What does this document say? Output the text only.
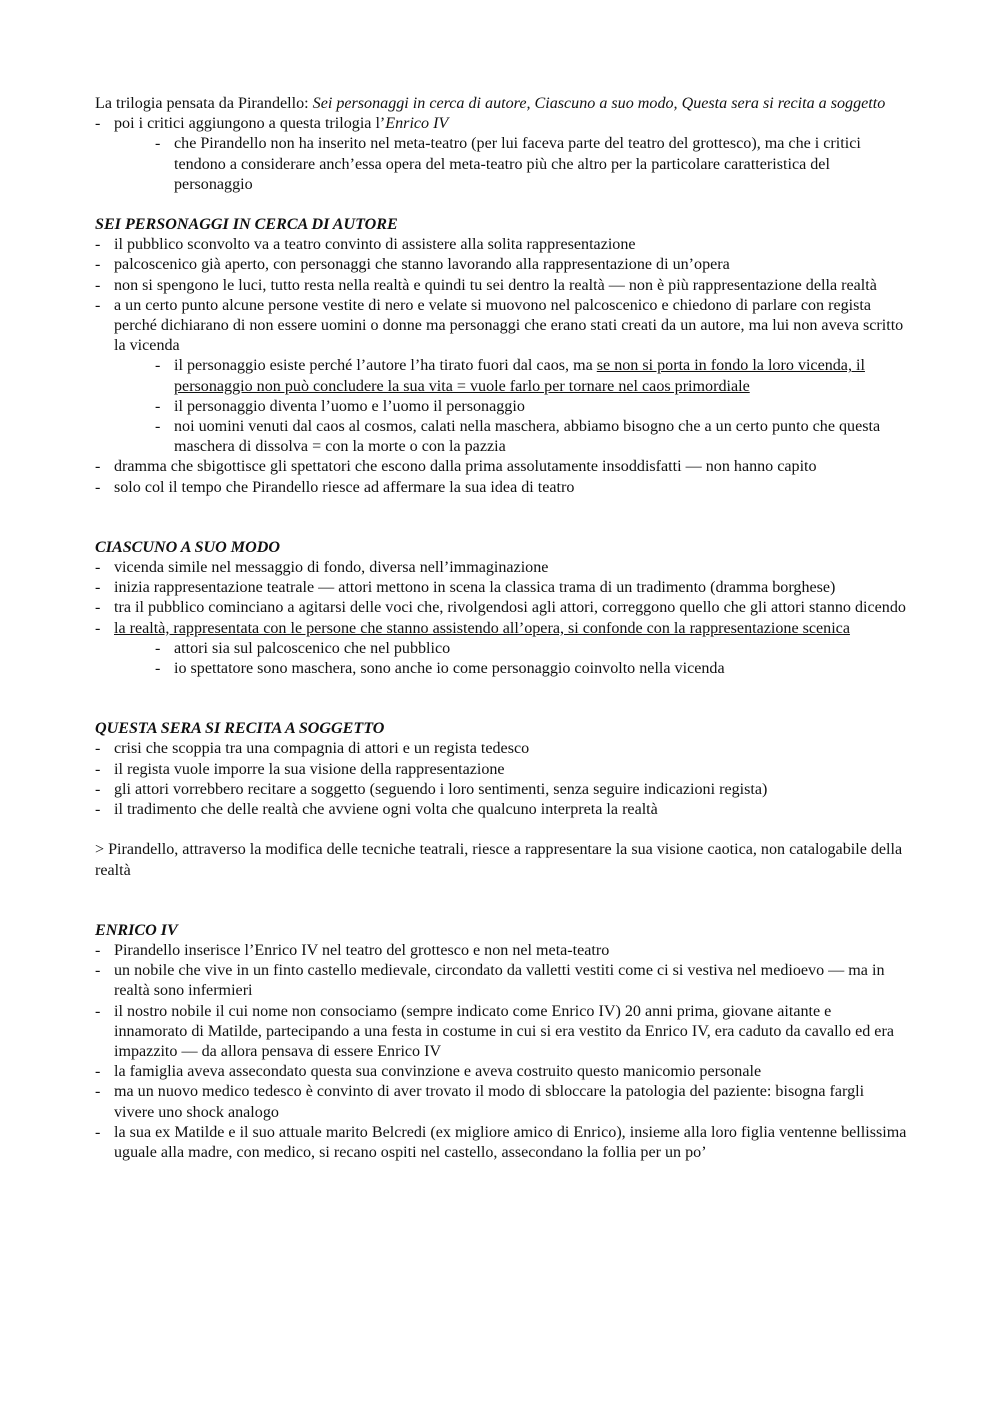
La trilogia pensata da Pirandello: Sei personaggi in cerca di autore, Ciascuno a suo modo, Questa sera si recita a soggetto

- poi i critici aggiungono a questa trilogia l’Enrico IV
- che Pirandello non ha inserito nel meta-teatro (per lui faceva parte del teatro del grottesco), ma che i critici tendono a considerare anch’essa opera del meta-teatro più che altro per la particolare caratteristica del personaggio

SEI PERSONAGGI IN CERCA DI AUTORE

- il pubblico sconvolto va a teatro convinto di assistere alla solita rappresentazione
- palcoscenico già aperto, con personaggi che stanno lavorando alla rappresentazione di un’opera
- non si spengono le luci, tutto resta nella realtà e quindi tu sei dentro la realtà — non è più rappresentazione della realtà
- a un certo punto alcune persone vestite di nero e velate si muovono nel palcoscenico e chiedono di parlare con regista perché dichiarano di non essere uomini o donne ma personaggi che erano stati creati da un autore, ma lui non aveva scritto la vicenda
- il personaggio esiste perché l’autore l’ha tirato fuori dal caos, ma se non si porta in fondo la loro vicenda, il personaggio non può concludere la sua vita = vuole farlo per tornare nel caos primordiale
- il personaggio diventa l’uomo e l’uomo il personaggio
- noi uomini venuti dal caos al cosmos, calati nella maschera, abbiamo bisogno che a un certo punto che questa maschera di dissolva = con la morte o con la pazzia
- dramma che sbigottisce gli spettatori che escono dalla prima assolutamente insoddisfatti — non hanno capito
- solo col il tempo che Pirandello riesce ad affermare la sua idea di teatro

CIASCUNO A SUO MODO

- vicenda simile nel messaggio di fondo, diversa nell’immaginazione
- inizia rappresentazione teatrale — attori mettono in scena la classica trama di un tradimento (dramma borghese)
- tra il pubblico cominciano a agitarsi delle voci che, rivolgendosi agli attori, correggono quello che gli attori stanno dicendo
- la realtà, rappresentata con le persone che stanno assistendo all’opera, si confonde con la rappresentazione scenica
- attori sia sul palcoscenico che nel pubblico
- io spettatore sono maschera, sono anche io come personaggio coinvolto nella vicenda

QUESTA SERA SI RECITA A SOGGETTO

- crisi che scoppia tra una compagnia di attori e un regista tedesco
- il regista vuole imporre la sua visione della rappresentazione
- gli attori vorrebbero recitare a soggetto (seguendo i loro sentimenti, senza seguire indicazioni regista)
- il tradimento che delle realtà che avviene ogni volta che qualcuno interpreta la realtà

> Pirandello, attraverso la modifica delle tecniche teatrali, riesce a rappresentare la sua visione caotica, non catalogabile della realtà

ENRICO IV

- Pirandello inserisce l’Enrico IV nel teatro del grottesco e non nel meta-teatro
- un nobile che vive in un finto castello medievale, circondato da valletti vestiti come ci si vestiva nel medioevo — ma in realtà sono infermieri
- il nostro nobile il cui nome non consociamo (sempre indicato come Enrico IV) 20 anni prima, giovane aitante e innamorato di Matilde, partecipando a una festa in costume in cui si era vestito da Enrico IV, era caduto da cavallo ed era impazzito — da allora pensava di essere Enrico IV
- la famiglia aveva assecondato questa sua convinzione e aveva costruito questo manicomio personale
- ma un nuovo medico tedesco è convinto di aver trovato il modo di sbloccare la patologia del paziente: bisogna fargli vivere uno shock analogo
- la sua ex Matilde e il suo attuale marito Belcredi (ex migliore amico di Enrico), insieme alla loro figlia ventenne bellissima uguale alla madre, con medico, si recano ospiti nel castello, assecondano la follia per un po’
